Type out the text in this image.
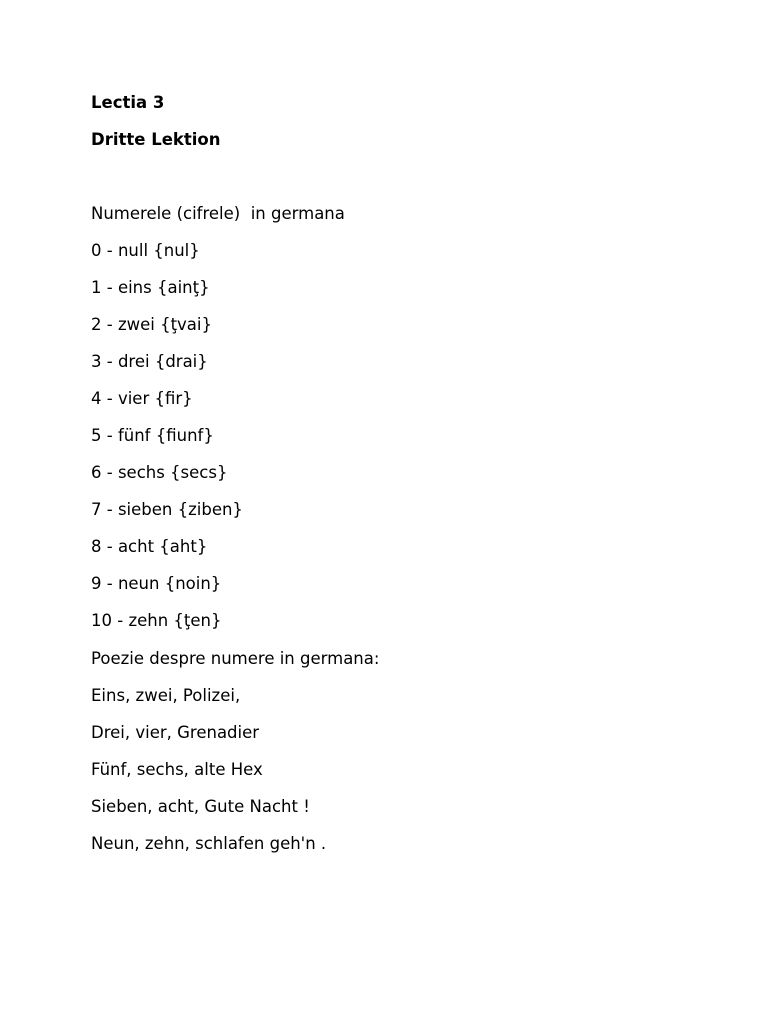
Lectia 3
Dritte Lektion
Numerele (cifrele)  in germana
0 - null {nul}
1 - eins {ainţ}
2 - zwei {ţvai}
3 - drei {drai}
4 - vier {fir}
5 - fünf {fiunf}
6 - sechs {secs}
7 - sieben {ziben}
8 - acht {aht}
9 - neun {noin}
10 - zehn {ţen}
Poezie despre numere in germana:
Eins, zwei, Polizei,
Drei, vier, Grenadier
Fünf, sechs, alte Hex
Sieben, acht, Gute Nacht !
Neun, zehn, schlafen geh'n .
